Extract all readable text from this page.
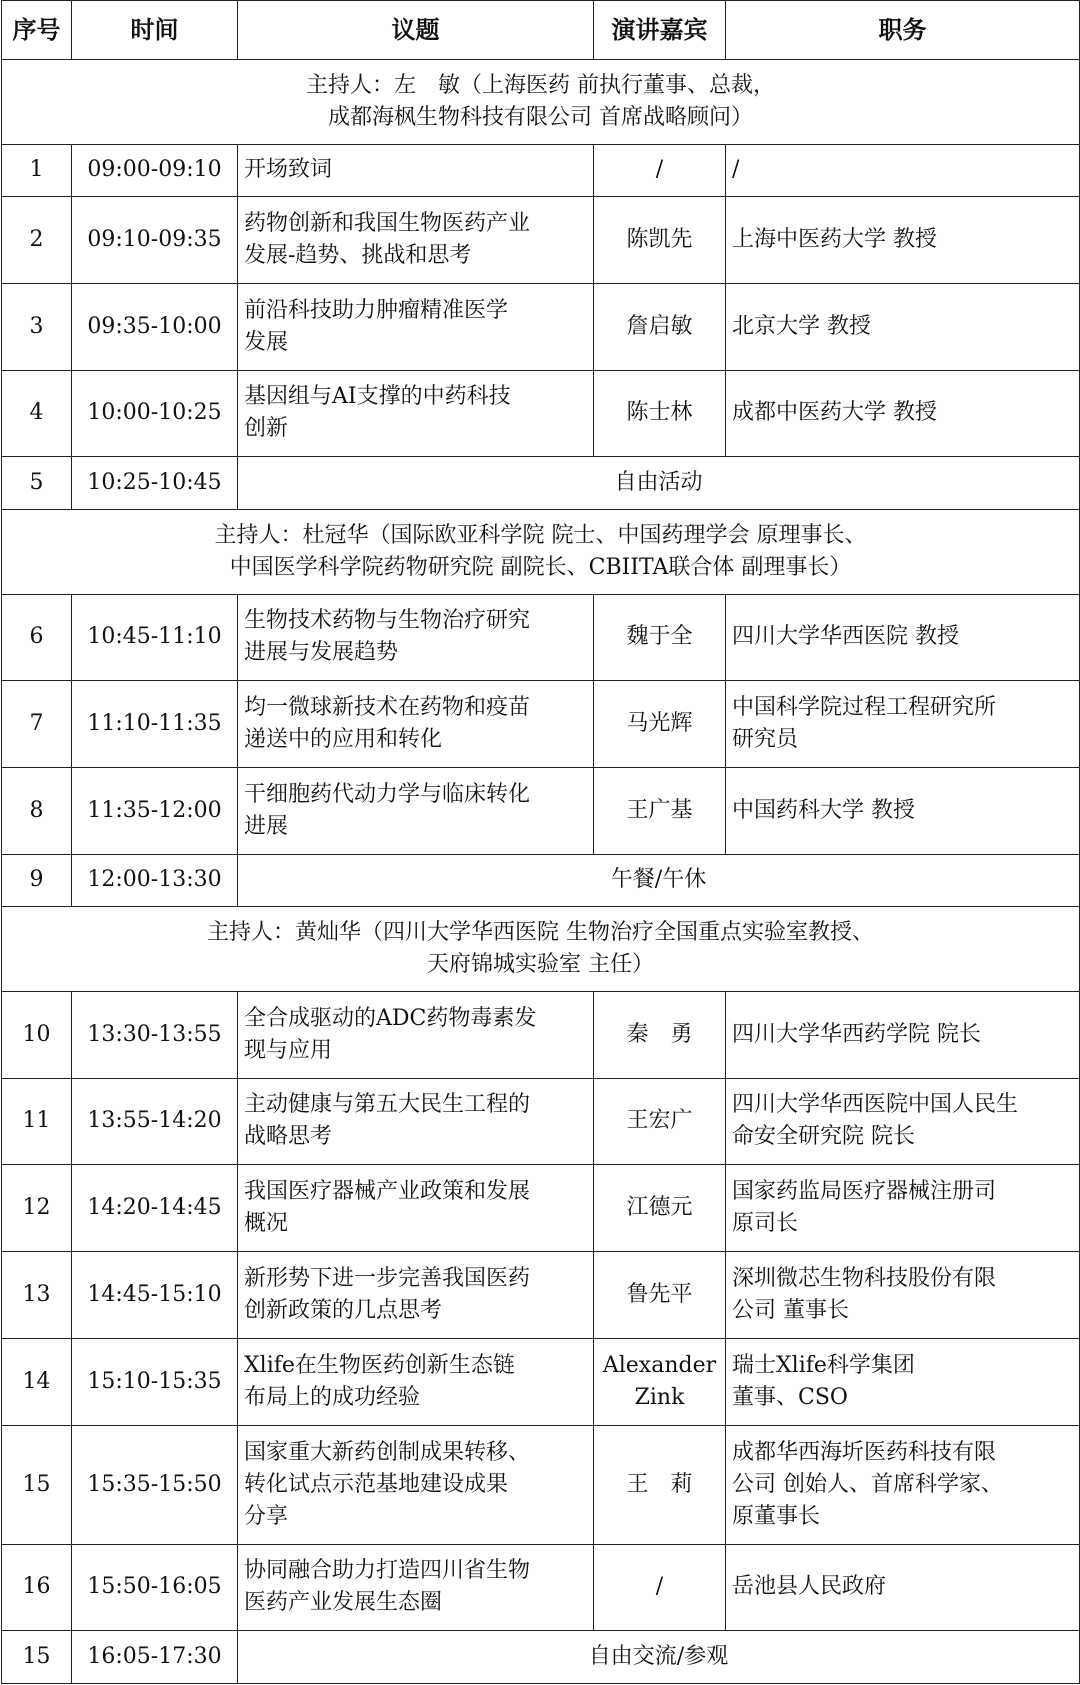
序号	时间	议题	演讲嘉宾	职务

主持人：左　敏（上海医药 前执行董事、总裁，
成都海枫生物科技有限公司 首席战略顾问）				

1	09:00-09:10	开场致词	/	/

2	09:10-09:35	药物创新和我国生物医药产业
发展-趋势、挑战和思考	陈凯先	上海中医药大学 教授

3	09:35-10:00	前沿科技助力肿瘤精准医学
发展	詹启敏	北京大学 教授

4	10:00-10:25	基因组与AI支撑的中药科技
创新	陈士林	成都中医药大学 教授

5	10:25-10:45	自由活动		

主持人：杜冠华（国际欧亚科学院 院士、中国药理学会 原理事长、
中国医学科学院药物研究院 副院长、CBIITA联合体 副理事长）				

6	10:45-11:10	生物技术药物与生物治疗研究
进展与发展趋势	魏于全	四川大学华西医院 教授

7	11:10-11:35	均一微球新技术在药物和疫苗
递送中的应用和转化	马光辉	中国科学院过程工程研究所
研究员

8	11:35-12:00	干细胞药代动力学与临床转化
进展	王广基	中国药科大学 教授

9	12:00-13:30	午餐/午休		

主持人：黄灿华（四川大学华西医院 生物治疗全国重点实验室教授、
天府锦城实验室 主任）				

10	13:30-13:55	全合成驱动的ADC药物毒素发
现与应用	秦　勇	四川大学华西药学院 院长

11	13:55-14:20	主动健康与第五大民生工程的
战略思考	王宏广	四川大学华西医院中国人民生
命安全研究院 院长

12	14:20-14:45	我国医疗器械产业政策和发展
概况	江德元	国家药监局医疗器械注册司
原司长

13	14:45-15:10	新形势下进一步完善我国医药
创新政策的几点思考	鲁先平	深圳微芯生物科技股份有限
公司 董事长

14	15:10-15:35	Xlife在生物医药创新生态链
布局上的成功经验	Alexander
Zink	瑞士Xlife科学集团
董事、CSO

15	15:35-15:50	国家重大新药创制成果转移、
转化试点示范基地建设成果
分享	王　莉	成都华西海圻医药科技有限
公司 创始人、首席科学家、
原董事长

16	15:50-16:05	协同融合助力打造四川省生物
医药产业发展生态圈	/	岳池县人民政府

15	16:05-17:30	自由交流/参观		
